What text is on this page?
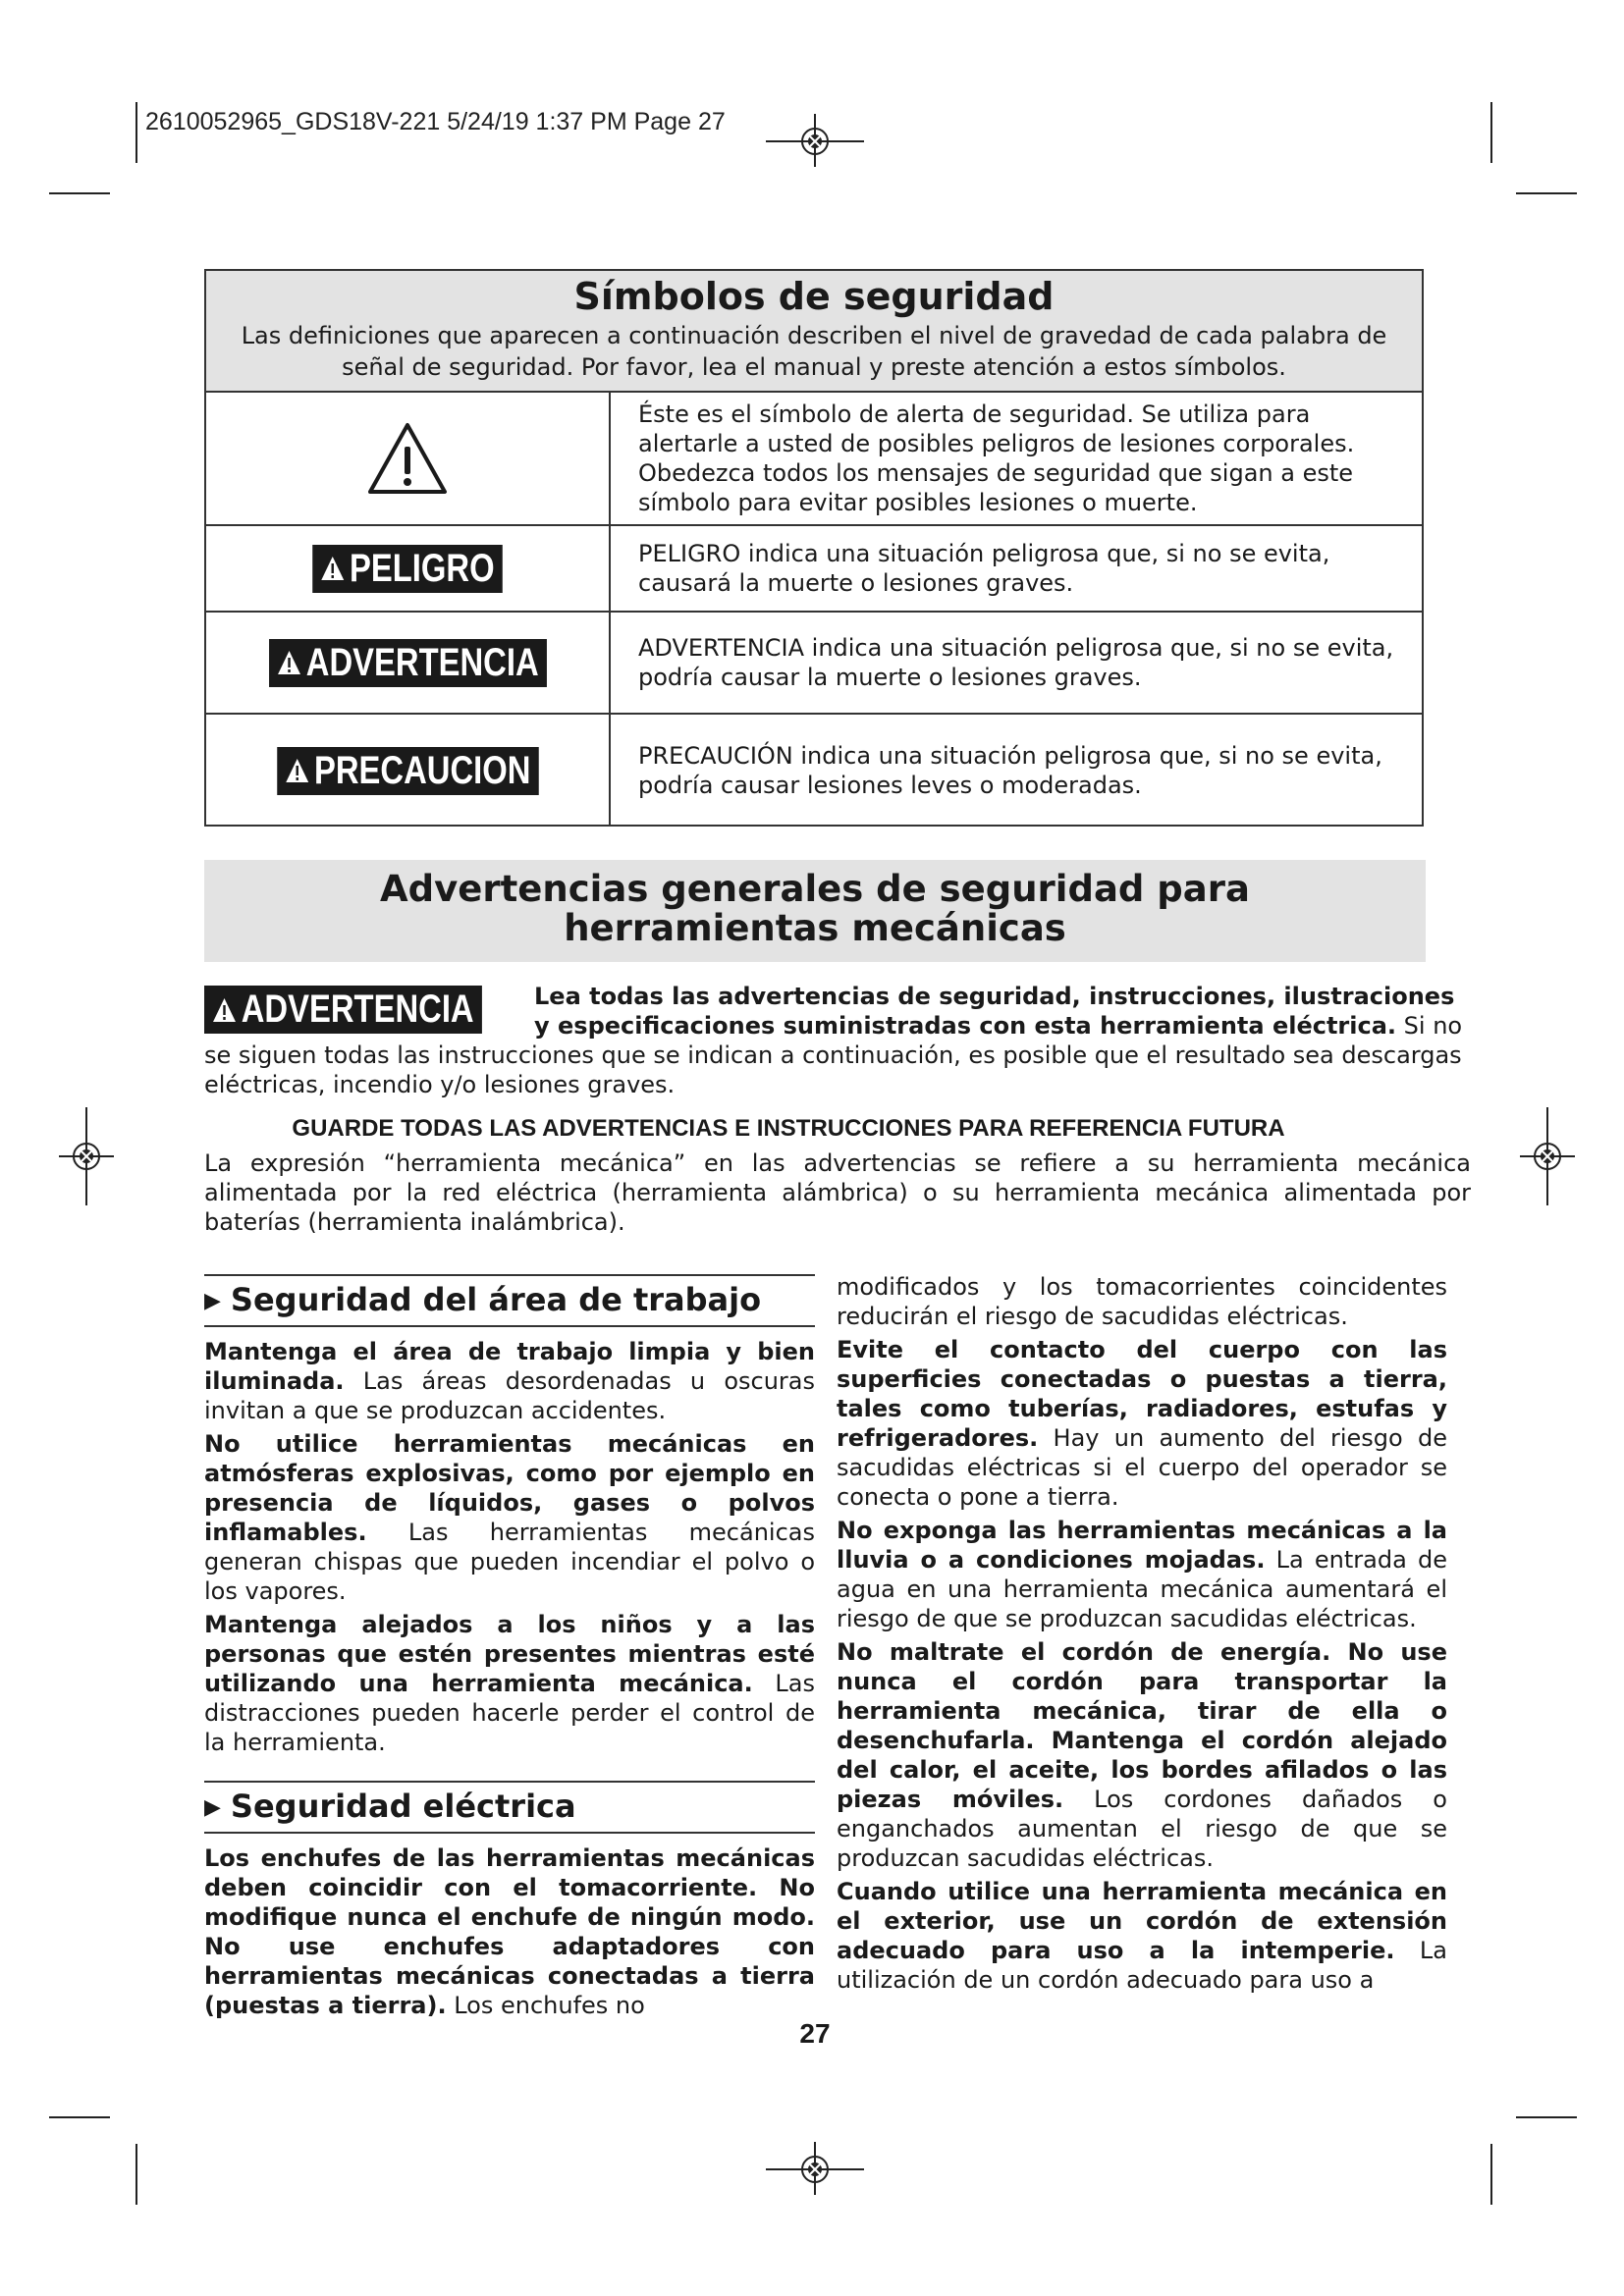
2610052965_GDS18V-221 5/24/19 1:37 PM Page 27
Símbolos de seguridad
Las definiciones que aparecen a continuación describen el nivel de gravedad de cada palabra de
señal de seguridad. Por favor, lea el manual y preste atención a estos símbolos.
Éste es el símbolo de alerta de seguridad. Se utiliza para alertarle a usted de posibles peligros de lesiones corporales. Obedezca todos los mensajes de seguridad que sigan a este símbolo para evitar posibles lesiones o muerte.
PELIGRO	PELIGRO indica una situación peligrosa que, si no se evita, causará la muerte o lesiones graves.
ADVERTENCIA	ADVERTENCIA indica una situación peligrosa que, si no se evita, podría causar la muerte o lesiones graves.
PRECAUCION	PRECAUCIÓN indica una situación peligrosa que, si no se evita, podría causar lesiones leves o moderadas.
Advertencias generales de seguridad para
herramientas mecánicas
Lea todas las advertencias de seguridad, instrucciones, ilustraciones y especificaciones suministradas con esta herramienta eléctrica. Si no se siguen todas las instrucciones que se indican a continuación, es posible que el resultado sea descargas eléctricas, incendio y/o lesiones graves.
ADVERTENCIA
GUARDE TODAS LAS ADVERTENCIAS E INSTRUCCIONES PARA REFERENCIA FUTURA
La expresión “herramienta mecánica” en las advertencias se refiere a su herramienta mecánica alimentada por la red eléctrica (herramienta alámbrica) o su herramienta mecánica alimentada por baterías (herramienta inalámbrica).
▶ Seguridad del área de trabajo

Mantenga el área de trabajo limpia y bien iluminada. Las áreas desordenadas u oscuras invitan a que se produzcan accidentes.

No utilice herramientas mecánicas en atmósferas explosivas, como por ejemplo en presencia de líquidos, gases o polvos inflamables. Las herramientas mecánicas generan chispas que pueden incendiar el polvo o los vapores.

Mantenga alejados a los niños y a las personas que estén presentes mientras esté utilizando una herramienta mecánica. Las distracciones pueden hacerle perder el control de la herramienta.

▶ Seguridad eléctrica

Los enchufes de las herramientas mecánicas deben coincidir con el tomacorriente. No modifique nunca el enchufe de ningún modo. No use enchufes adaptadores con herramientas mecánicas conectadas a tierra (puestas a tierra). Los enchufes no

modificados y los tomacorrientes coincidentes reducirán el riesgo de sacudidas eléctricas.

Evite el contacto del cuerpo con las superficies conectadas o puestas a tierra, tales como tuberías, radiadores, estufas y refrigeradores. Hay un aumento del riesgo de sacudidas eléctricas si el cuerpo del operador se conecta o pone a tierra.

No exponga las herramientas mecánicas a la lluvia o a condiciones mojadas. La entrada de agua en una herramienta mecánica aumentará el riesgo de que se produzcan sacudidas eléctricas.

No maltrate el cordón de energía. No use nunca el cordón para transportar la herramienta mecánica, tirar de ella o desenchufarla. Mantenga el cordón alejado del calor, el aceite, los bordes afilados o las piezas móviles. Los cordones dañados o enganchados aumentan el riesgo de que se produzcan sacudidas eléctricas.

Cuando utilice una herramienta mecánica en el exterior, use un cordón de extensión adecuado para uso a la intemperie. La utilización de un cordón adecuado para uso a

27
